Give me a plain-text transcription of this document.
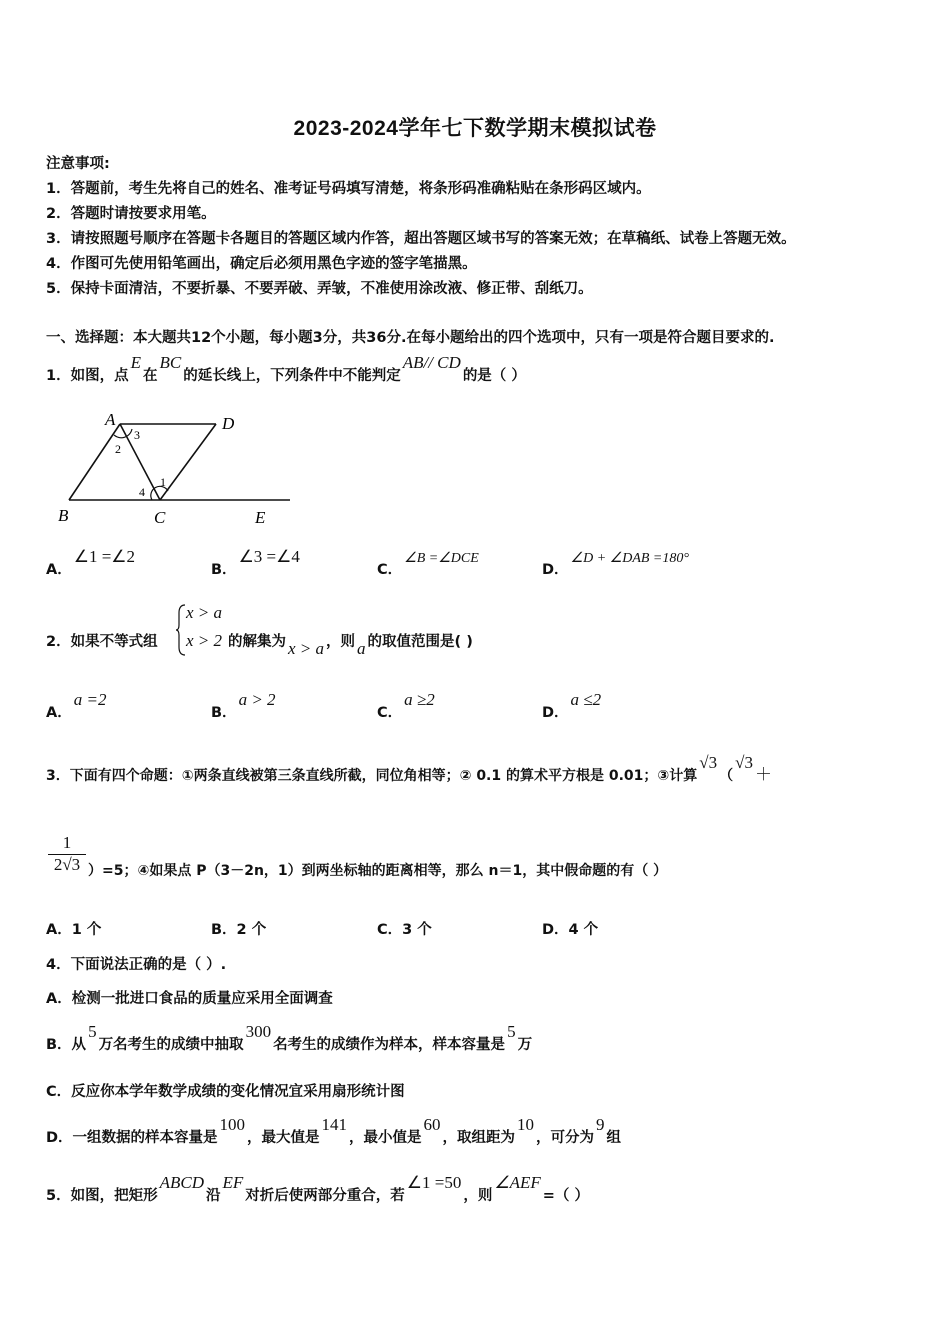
2023-2024学年七下数学期末模拟试卷
注意事项:
1．答题前，考生先将自己的姓名、准考证号码填写清楚，将条形码准确粘贴在条形码区域内。
2．答题时请按要求用笔。
3．请按照题号顺序在答题卡各题目的答题区域内作答，超出答题区域书写的答案无效；在草稿纸、试卷上答题无效。
4．作图可先使用铅笔画出，确定后必须用黑色字迹的签字笔描黑。
5．保持卡面清洁，不要折暴、不要弄破、弄皱，不准使用涂改液、修正带、刮纸刀。
一、选择题：本大题共12个小题，每小题3分，共36分.在每小题给出的四个选项中，只有一项是符合题目要求的.
1．如图，点E在BC的延长线上，下列条件中不能判定AB// CD的是（ ）
A	D
B	C	E
1
2
3
4
A．∠1 =∠2
B．∠3 =∠4
C．∠B =∠DCE
D．∠D + ∠DAB =180°
2．如果不等式组
x > a
x > 2 的解集为 x > a ，则 a 的取值范围是( )
A．a =2
B．a > 2
C．a ≥2
D．a ≤2
3．下面有四个命题：①两条直线被第三条直线所截，同位角相等；② 0.1 的算术平方根是 0.01；③计算√3（√3＋
$\frac{1}{2√3} )=5$；④如果点 P（3－2n，1）到两坐标轴的距离相等，那么 n＝1，其中假命题的有（ ）
A．1 个	B．2 个	C．3 个	D．4 个
4．下面说法正确的是（ ）.
A．检测一批进口食品的质量应采用全面调查
B．从5万名考生的成绩中抽取300名考生的成绩作为样本，样本容量是5万
C．反应你本学年数学成绩的变化情况宜采用扇形统计图
D．一组数据的样本容量是100，最大值是141，最小值是60，取组距为10，可分为9组
5．如图，把矩形ABCD沿EF对折后使两部分重合，若∠1 =50，则∠AEF=（ ）
